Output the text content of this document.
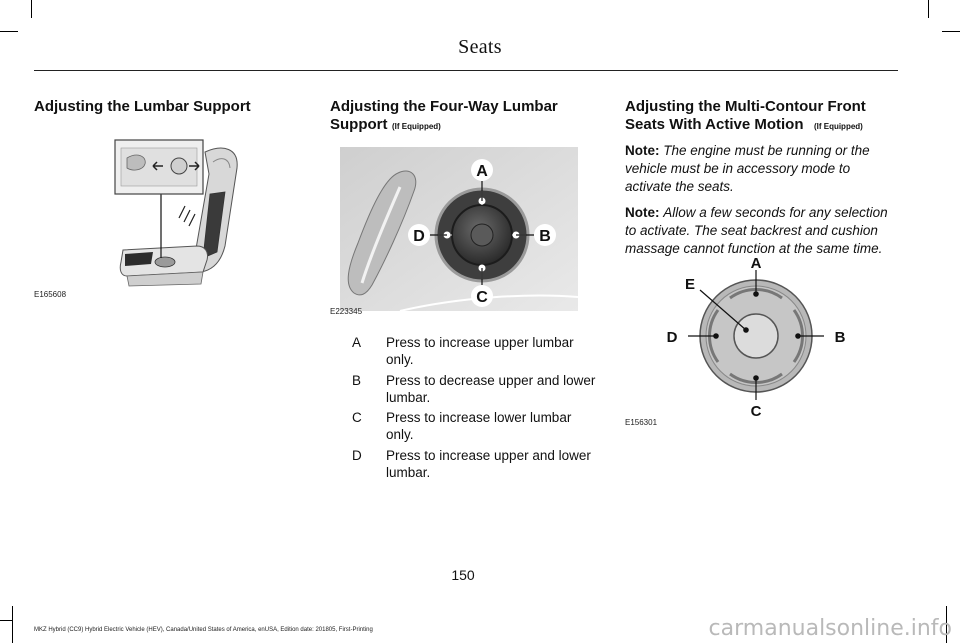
Seats
Adjusting the Lumbar Support
E165608
Adjusting the Four-Way Lumbar
Support (If Equipped)
A
B
C
D
E223345
A Press to increase upper lumbar only.
B Press to decrease upper and lower lumbar.
C Press to increase lower lumbar only.
D Press to increase upper and lower lumbar.
Adjusting the Multi-Contour Front
Seats With Active Motion (If Equipped)

Note: The engine must be running or the vehicle must be in accessory mode to activate the seats.

Note: Allow a few seconds for any selection to activate. The seat backrest and cushion massage cannot function at the same time.

A
B
C
D
E
E156301
150
MKZ Hybrid (CC9) Hybrid Electric Vehicle (HEV), Canada/United States of America, enUSA, Edition date: 201805, First-Printing	carmanualsonline.info
